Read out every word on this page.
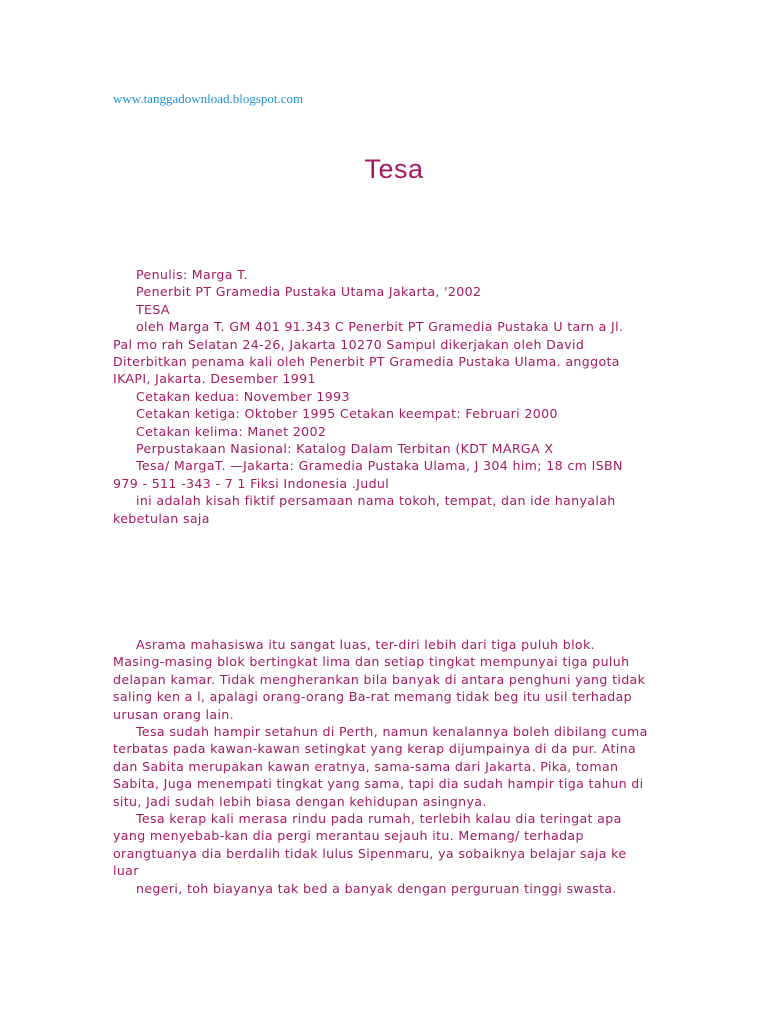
www.tanggadownload.blogspot.com
Tesa

Penulis: Marga T.

Penerbit PT Gramedia Pustaka Utama Jakarta, '2002

TESA

oleh Marga T. GM 401 91.343 C Penerbit PT Gramedia Pustaka U tarn a Jl.

Pal mo rah Selatan 24-26, Jakarta 10270 Sampul dikerjakan oleh David

Diterbitkan penama kali oleh Penerbit PT Gramedia Pustaka Ulama. anggota

IKAPI, Jakarta. Desember 1991

Cetakan kedua: November 1993

Cetakan ketiga: Oktober 1995 Cetakan keempat: Februari 2000

Cetakan kelima: Manet 2002

Perpustakaan Nasional: Katalog Dalam Terbitan (KDT MARGA X

Tesa/ MargaT. —Jakarta: Gramedia Pustaka Ulama, J 304 him; 18 cm ISBN

979 - 511 -343 - 7 1 Fiksi Indonesia .Judul

ini adalah kisah fiktif persamaan nama tokoh, tempat, dan ide hanyalah

kebetulan saja

Asrama mahasiswa itu sangat luas, ter-diri lebih dari tiga puluh blok.

Masing-masing blok bertingkat lima dan setiap tingkat mempunyai tiga puluh

delapan kamar. Tidak mengherankan bila banyak di antara penghuni yang tidak

saling ken a l, apalagi orang-orang Ba-rat memang tidak beg itu usil terhadap

urusan orang lain.

Tesa sudah hampir setahun di Perth, namun kenalannya boleh dibilang cuma

terbatas pada kawan-kawan setingkat yang kerap dijumpainya di da pur. Atina

dan Sabita merupakan kawan eratnya, sama-sama dari Jakarta. Pika, toman

Sabita, Juga menempati tingkat yang sama, tapi dia sudah hampir tiga tahun di

situ, Jadi sudah lebih biasa dengan kehidupan asingnya.

Tesa kerap kali merasa rindu pada rumah, terlebih kalau dia teringat apa

yang menyebab-kan dia pergi merantau sejauh itu. Memang/ terhadap

orangtuanya dia berdalih tidak lulus Sipenmaru, ya sobaiknya belajar saja ke

luar

negeri, toh biayanya tak bed a banyak dengan perguruan tinggi swasta.
